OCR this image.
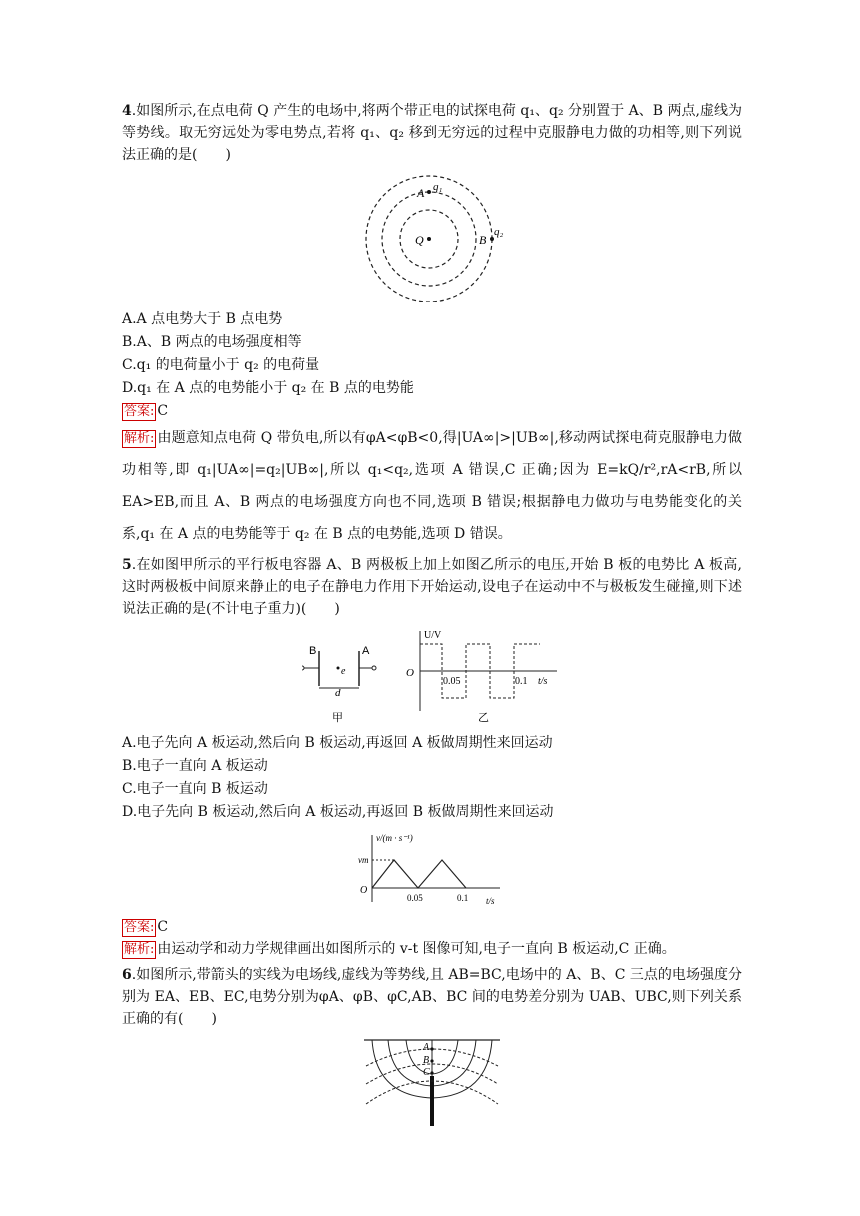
4.如图所示,在点电荷 Q 产生的电场中,将两个带正电的试探电荷 q₁、q₂ 分别置于 A、B 两点,虚线为等势线。取无穷远处为零电势点,若将 q₁、q₂ 移到无穷远的过程中克服静电力做的功相等,则下列说法正确的是(　　)

A q₁
Q	B
q₂

A.A 点电势大于 B 点电势

B.A、B 两点的电场强度相等

C.q₁ 的电荷量小于 q₂ 的电荷量

D.q₁ 在 A 点的电势能小于 q₂ 在 B 点的电势能

答案: C

解析: 由题意知点电荷 Q 带负电,所以有φA<φB<0,得|UA∞|>|UB∞|,移动两试探电荷克服静电力做功相等,即 q₁|UA∞|=q₂|UB∞|,所以 q₁<q₂,选项 A 错误,C 正确;因为 E=kQ/r²,rA<rB,所以 EA>EB,而且 A、B 两点的电场强度方向也不同,选项 B 错误;根据静电力做功与电势能变化的关系,q₁ 在 A 点的电势能等于 q₂ 在 B 点的电势能,选项 D 错误。

5.在如图甲所示的平行板电容器 A、B 两极板上加上如图乙所示的电压,开始 B 板的电势比 A 板高,这时两极板中间原来静止的电子在静电力作用下开始运动,设电子在运动中不与极板发生碰撞,则下述说法正确的是(不计电子重力)(　　)

B	A
e
d
甲
U/V
O
0.05	0.1 t/s
乙

A.电子先向 A 板运动,然后向 B 板运动,再返回 A 板做周期性来回运动

B.电子一直向 A 板运动

C.电子一直向 B 板运动

D.电子先向 B 板运动,然后向 A 板运动,再返回 B 板做周期性来回运动

v/(m · s⁻¹)
vm
O
0.05	0.1 t/s

答案: C

解析: 由运动学和动力学规律画出如图所示的 v-t 图像可知,电子一直向 B 板运动,C 正确。

6.如图所示,带箭头的实线为电场线,虚线为等势线,且 AB=BC,电场中的 A、B、C 三点的电场强度分别为 EA、EB、EC,电势分别为φA、φB、φC,AB、BC 间的电势差分别为 UAB、UBC,则下列关系正确的有(　　)

A
B
C
